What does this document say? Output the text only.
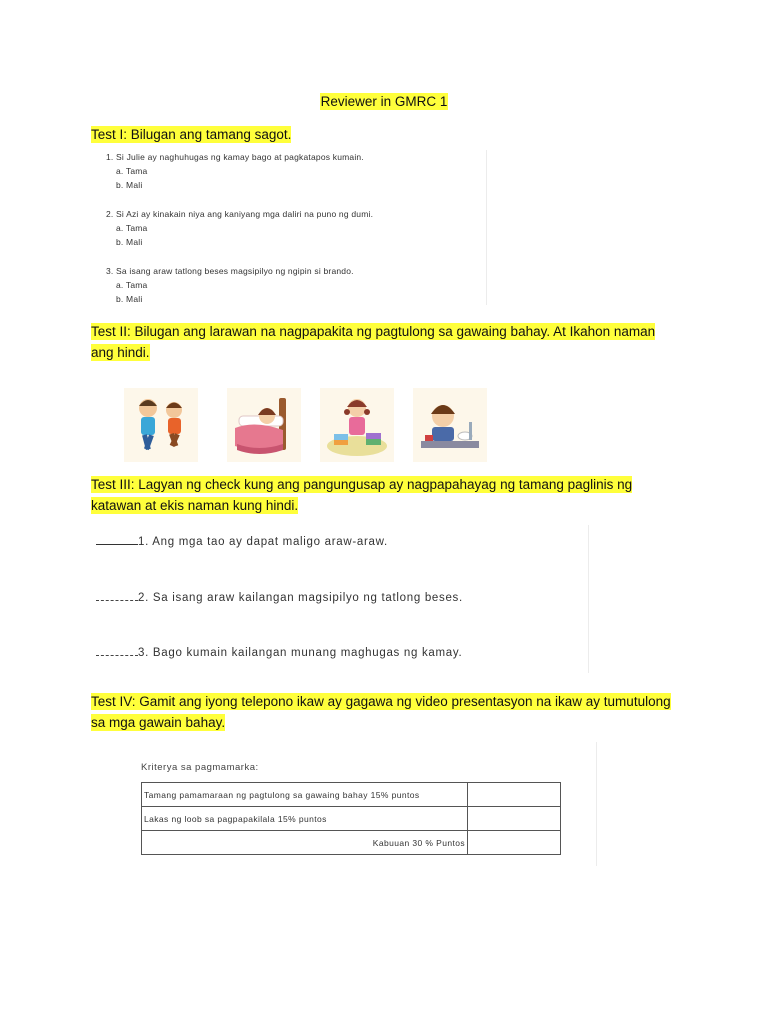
Reviewer in GMRC 1
Test I: Bilugan ang tamang sagot.

1. Si Julie ay naghuhugas ng kamay bago at pagkatapos kumain.

a. Tama

b. Mali

2. Si Azi ay kinakain niya ang kaniyang mga daliri na puno ng dumi.

a. Tama

b. Mali

3. Sa isang araw tatlong beses magsipilyo ng ngipin si brando.

a. Tama

b. Mali

Test II: Bilugan ang larawan na nagpapakita ng pagtulong sa gawaing bahay. At Ikahon naman ang hindi.
Test III: Lagyan ng check kung ang pangungusap ay nagpapahayag ng tamang paglinis ng katawan at ekis naman kung hindi.
1. Ang mga tao ay dapat maligo araw-araw.
2. Sa isang araw kailangan magsipilyo ng tatlong beses.
3. Bago kumain kailangan munang maghugas ng kamay.
Test IV: Gamit ang iyong telepono ikaw ay gagawa ng video presentasyon na ikaw ay tumutulong sa mga gawain bahay.
Kriterya sa pagmamarka:
Tamang pamamaraan ng pagtulong sa gawaing bahay 15% puntos	
Lakas ng loob sa pagpapakilala 15% puntos	
Kabuuan 30 % Puntos	
